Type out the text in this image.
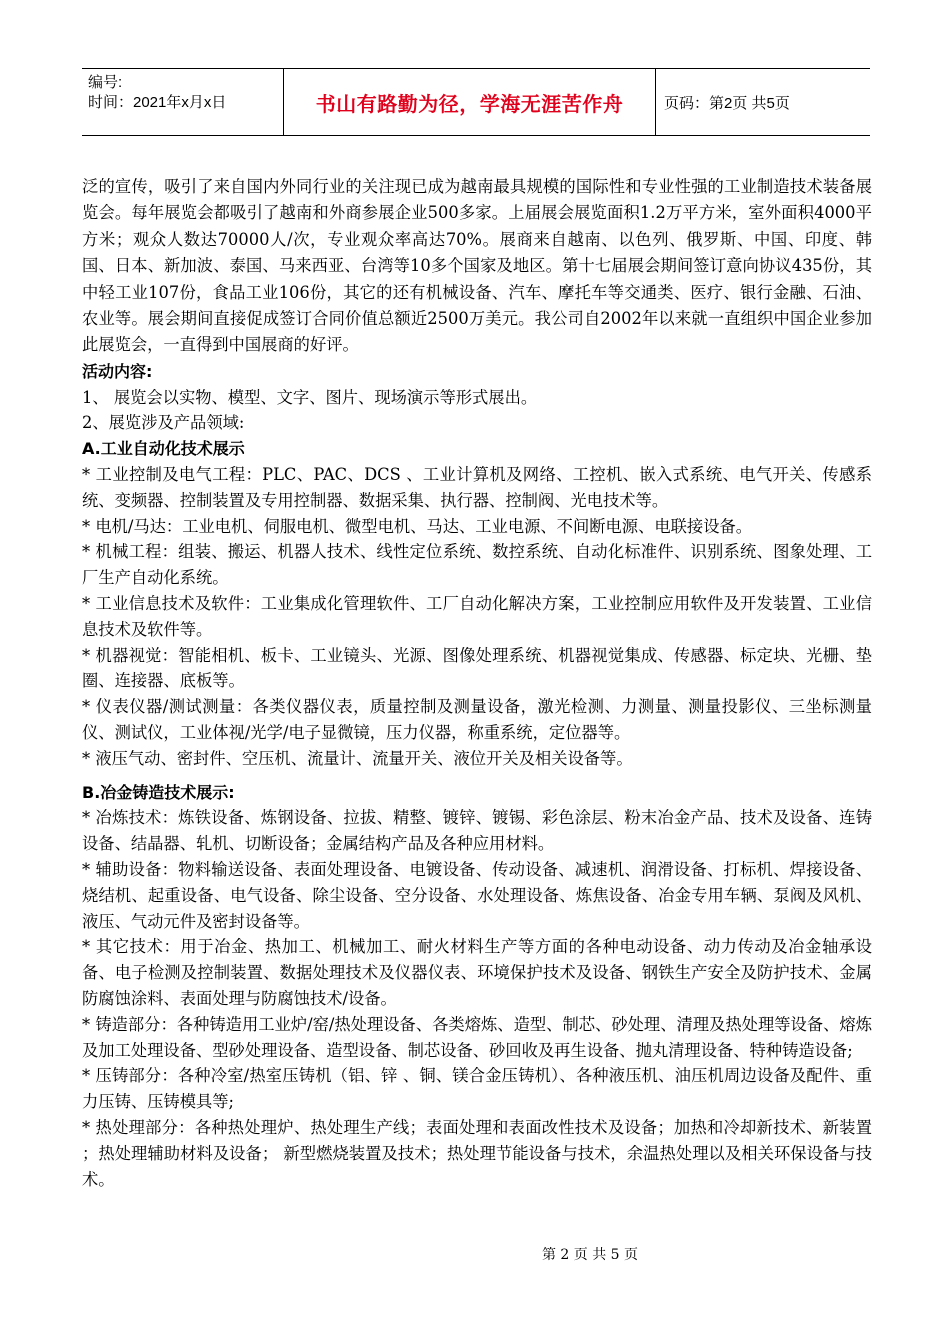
编号:
时间：2021年x月x日	书山有路勤为径，学海无涯苦作舟	页码：第2页 共5页

泛的宣传，吸引了来自国内外同行业的关注现已成为越南最具规模的国际性和专业性强的工业制造技术装备展览会。每年展览会都吸引了越南和外商参展企业500多家。上届展会展览面积1.2万平方米，室外面积4000平方米；观众人数达70000人/次，专业观众率高达70%。展商来自越南、以色列、俄罗斯、中国、印度、韩国、日本、新加波、泰国、马来西亚、台湾等10多个国家及地区。第十七届展会期间签订意向协议435份，其中轻工业107份，食品工业106份，其它的还有机械设备、汽车、摩托车等交通类、医疗、银行金融、石油、农业等。展会期间直接促成签订合同价值总额近2500万美元。我公司自2002年以来就一直组织中国企业参加此展览会，一直得到中国展商的好评。

活动内容:

1、 展览会以实物、模型、文字、图片、现场演示等形式展出。

2、展览涉及产品领域:

A.工业自动化技术展示

* 工业控制及电气工程：PLC、PAC、DCS 、工业计算机及网络、工控机、嵌入式系统、电气开关、传感系统、变频器、控制装置及专用控制器、数据采集、执行器、控制阀、光电技术等。

* 电机/马达：工业电机、伺服电机、微型电机、马达、工业电源、不间断电源、电联接设备。

* 机械工程：组装、搬运、机器人技术、线性定位系统、数控系统、自动化标准件、识别系统、图象处理、工厂生产自动化系统。

* 工业信息技术及软件：工业集成化管理软件、工厂自动化解决方案，工业控制应用软件及开发装置、工业信息技术及软件等。

* 机器视觉：智能相机、板卡、工业镜头、光源、图像处理系统、机器视觉集成、传感器、标定块、光栅、垫圈、连接器、底板等。

* 仪表仪器/测试测量：各类仪器仪表，质量控制及测量设备，激光检测、力测量、测量投影仪、三坐标测量仪、测试仪，工业体视/光学/电子显微镜，压力仪器，称重系统，定位器等。

* 液压气动、密封件、空压机、流量计、流量开关、液位开关及相关设备等。

B.冶金铸造技术展示:

* 冶炼技术：炼铁设备、炼钢设备、拉拔、精整、镀锌、镀锡、彩色涂层、粉末冶金产品、技术及设备、连铸设备、结晶器、轧机、切断设备；金属结构产品及各种应用材料。

* 辅助设备：物料输送设备、表面处理设备、电镀设备、传动设备、减速机、润滑设备、打标机、焊接设备、烧结机、起重设备、电气设备、除尘设备、空分设备、水处理设备、炼焦设备、冶金专用车辆、泵阀及风机、液压、气动元件及密封设备等。

* 其它技术：用于冶金、热加工、机械加工、耐火材料生产等方面的各种电动设备、动力传动及冶金轴承设备、电子检测及控制装置、数据处理技术及仪器仪表、环境保护技术及设备、钢铁生产安全及防护技术、金属防腐蚀涂料、表面处理与防腐蚀技术/设备。

* 铸造部分：各种铸造用工业炉/窑/热处理设备、各类熔炼、造型、制芯、砂处理、清理及热处理等设备、熔炼及加工处理设备、型砂处理设备、造型设备、制芯设备、砂回收及再生设备、抛丸清理设备、特种铸造设备;

* 压铸部分：各种冷室/热室压铸机（铝、锌 、铜、镁合金压铸机）、各种液压机、油压机周边设备及配件、重力压铸、压铸模具等;

* 热处理部分：各种热处理炉、热处理生产线；表面处理和表面改性技术及设备；加热和冷却新技术、新装置 ；热处理辅助材料及设备； 新型燃烧装置及技术；热处理节能设备与技术，余温热处理以及相关环保设备与技术。

第 2 页 共 5 页
